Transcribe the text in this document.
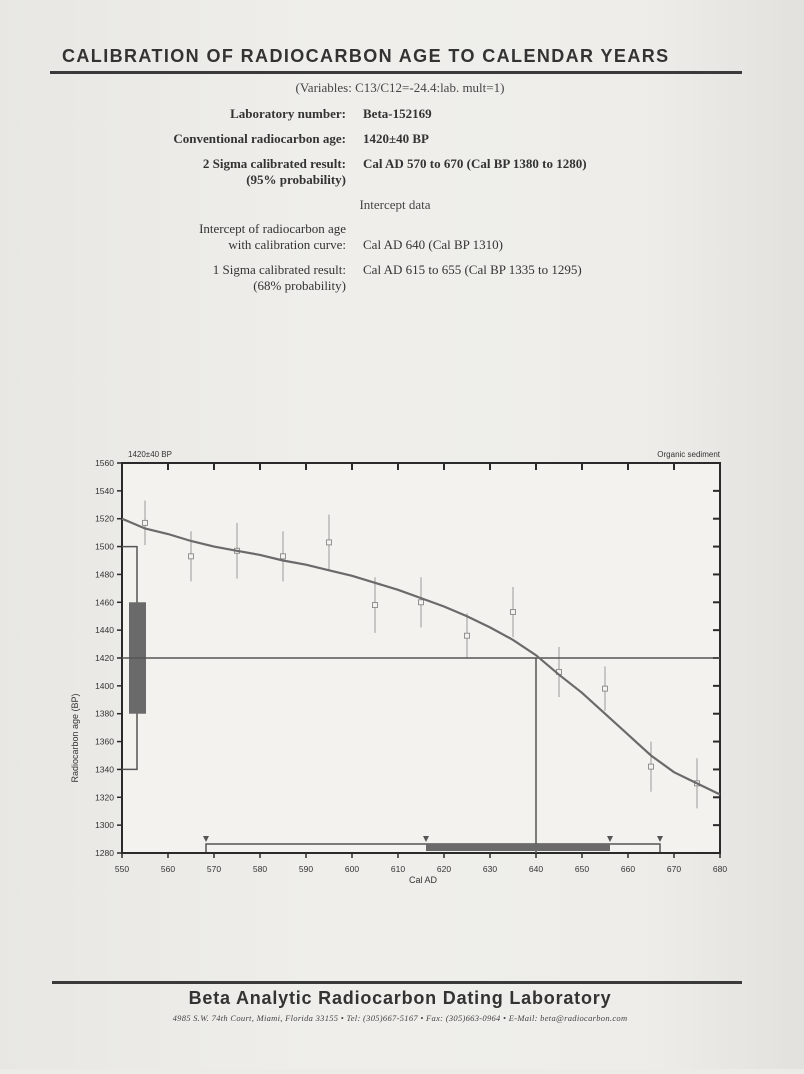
CALIBRATION OF RADIOCARBON AGE TO CALENDAR YEARS
(Variables: C13/C12=-24.4:lab. mult=1)
Laboratory number: Beta-152169
Conventional radiocarbon age: 1420±40 BP
2 Sigma calibrated result:
(95% probability)
Cal AD 570 to 670 (Cal BP 1380 to 1280)
Intercept data
Intercept of radiocarbon age
with calibration curve: Cal AD 640 (Cal BP 1310)
1 Sigma calibrated result:
(68% probability)
Cal AD 615 to 655 (Cal BP 1335 to 1295)
550	560	570	580	590	600	610	620	630	640	650	660	670	680
1280
1300
1320
1340
1360
1380
1400
1420
1440
1460
1480
1500
1520
1540
1560
1420±40 BP	Organic sediment
Cal AD
Radiocarbon age (BP)
Beta Analytic Radiocarbon Dating Laboratory
4985 S.W. 74th Court, Miami, Florida 33155 • Tel: (305)667-5167 • Fax: (305)663-0964 • E-Mail: beta@radiocarbon.com
